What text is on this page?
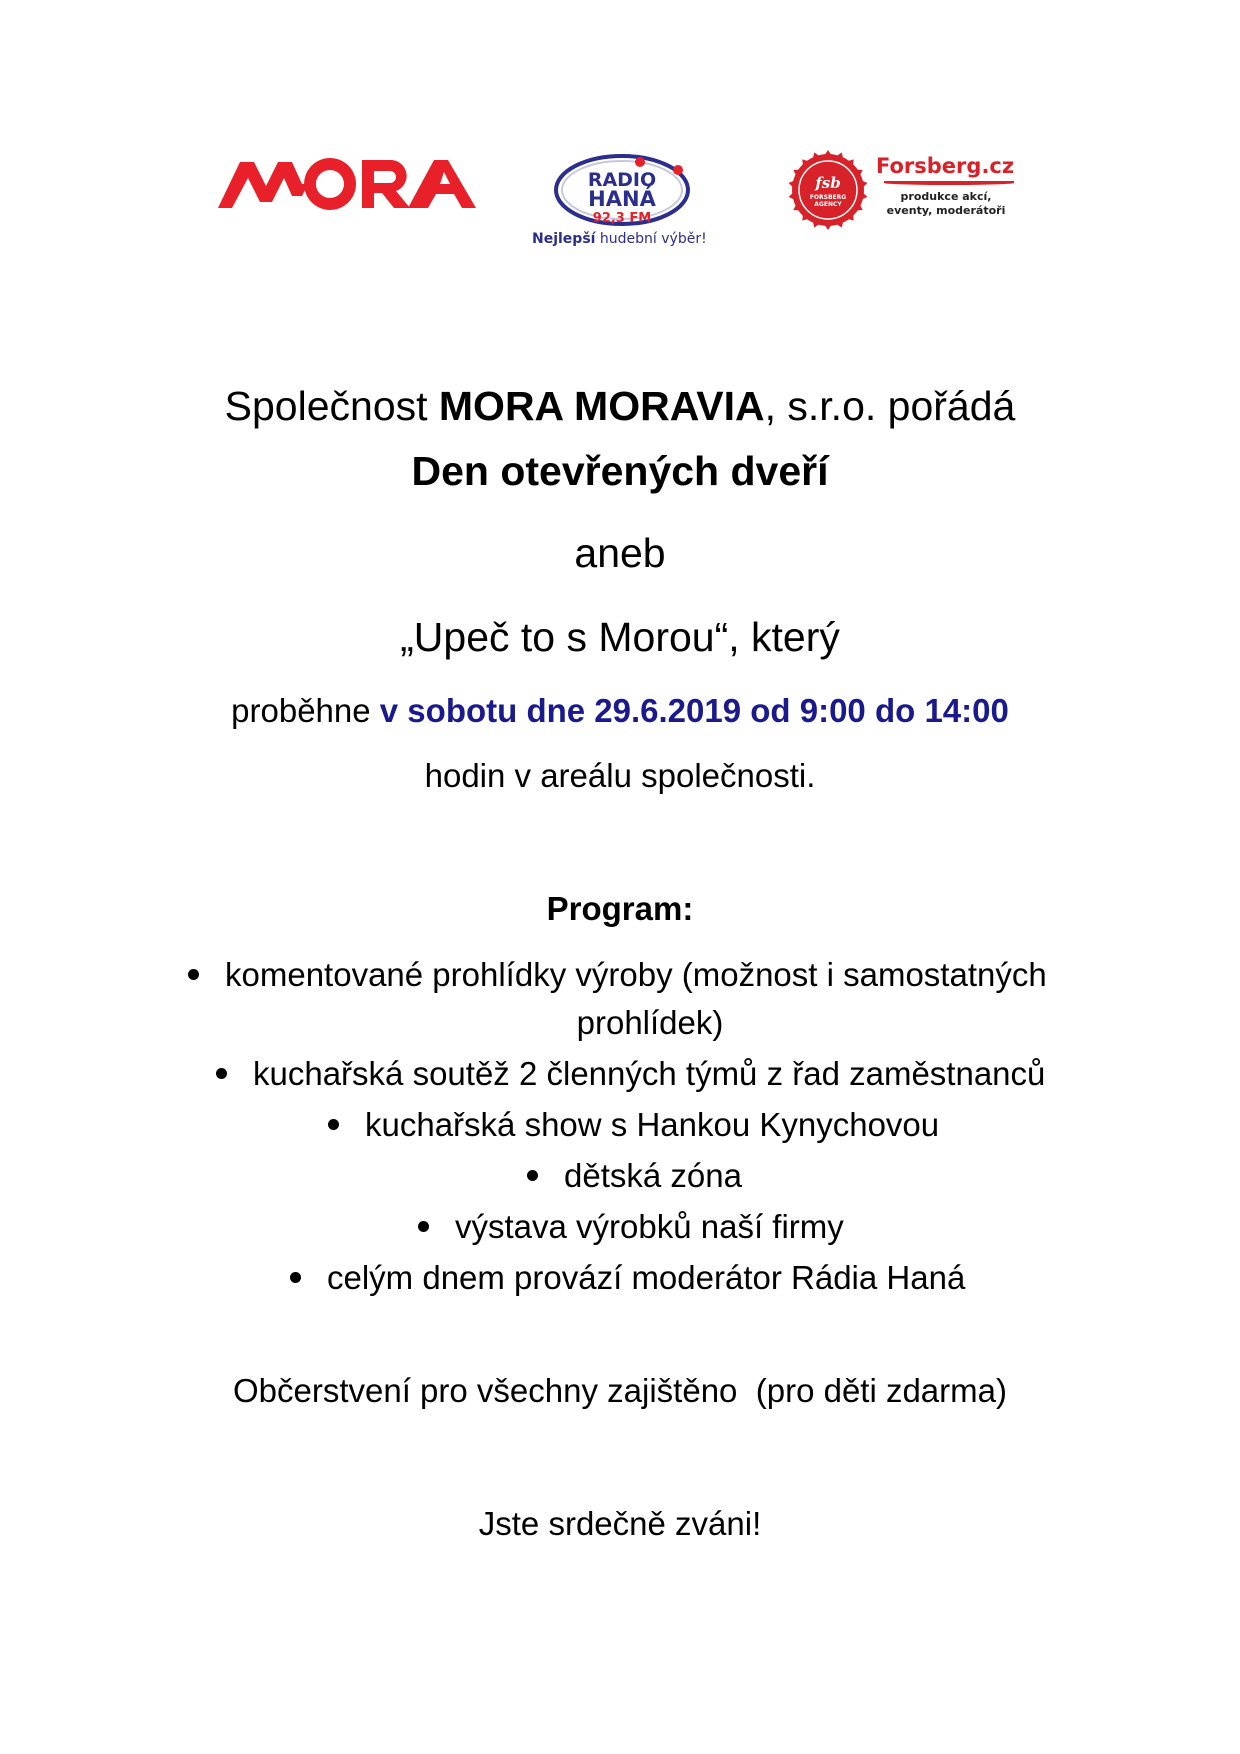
RADIO
HANÁ
92,3 FM
Nejlepší hudební výběr!
fsb
FORSBERG
AGENCY
Forsberg.cz
produkce akcí,
eventy, moderátoři
Společnost MORA MORAVIA, s.r.o. pořádá
Den otevřených dveří
aneb
„Upeč to s Morou“, který
proběhne v sobotu dne 29.6.2019 od 9:00 do 14:00
hodin v areálu společnosti.
Program:
komentované prohlídky výroby (možnost i samostatných
prohlídek)
kuchařská soutěž 2 členných týmů z řad zaměstnanců
kuchařská show s Hankou Kynychovou
dětská zóna
výstava výrobků naší firmy
celým dnem provází moderátor Rádia Haná
Občerstvení pro všechny zajištěno  (pro děti zdarma)
Jste srdečně zváni!
